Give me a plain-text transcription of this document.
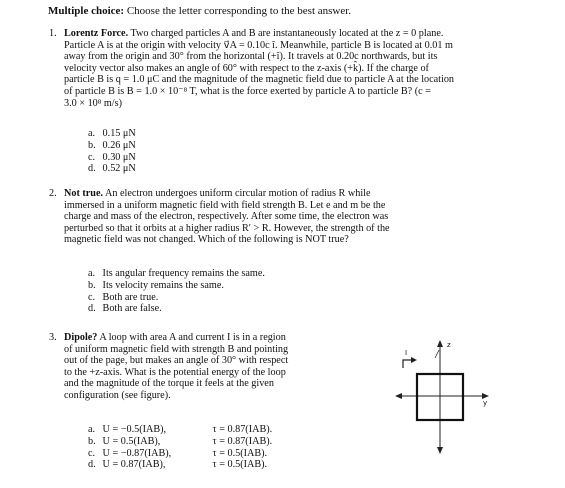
Multiple choice: Choose the letter corresponding to the best answer.
1. Lorentz Force. Two charged particles A and B are instantaneously located at the z = 0 plane.
Particle A is at the origin with velocity v⃗A = 0.10c î. Meanwhile, particle B is located at 0.01 m
away from the origin and 30° from the horizontal (+î). It travels at 0.20c northwards, but its
velocity vector also makes an angle of 60° with respect to the z-axis (+k̂). If the charge of
particle B is q = 1.0 μC and the magnitude of the magnetic field due to particle A at the location
of particle B is B = 1.0 × 10⁻⁸ T, what is the force exerted by particle A to particle B? (c =
3.0 × 10⁸ m/s)

a. 0.15 μN
b. 0.26 μN
c. 0.30 μN
d. 0.52 μN
2. Not true. An electron undergoes uniform circular motion of radius R while
immersed in a uniform magnetic field with field strength B. Let e and m be the
charge and mass of the electron, respectively. After some time, the electron was
perturbed so that it orbits at a higher radius R′ > R. However, the strength of the
magnetic field was not changed. Which of the following is NOT true?

a. Its angular frequency remains the same.
b. Its velocity remains the same.
c. Both are true.
d. Both are false.
3. Dipole? A loop with area A and current I is in a region
of uniform magnetic field with strength B and pointing
out of the page, but makes an angle of 30° with respect
to the +z-axis. What is the potential energy of the loop
and the magnitude of the torque it feels at the given
configuration (see figure).

a. U = −0.5(IAB),	τ = 0.87(IAB).
b. U = 0.5(IAB),	τ = 0.87(IAB).
c. U = −0.87(IAB),	τ = 0.5(IAB).
d. U = 0.87(IAB),	τ = 0.5(IAB).
z
y
I
